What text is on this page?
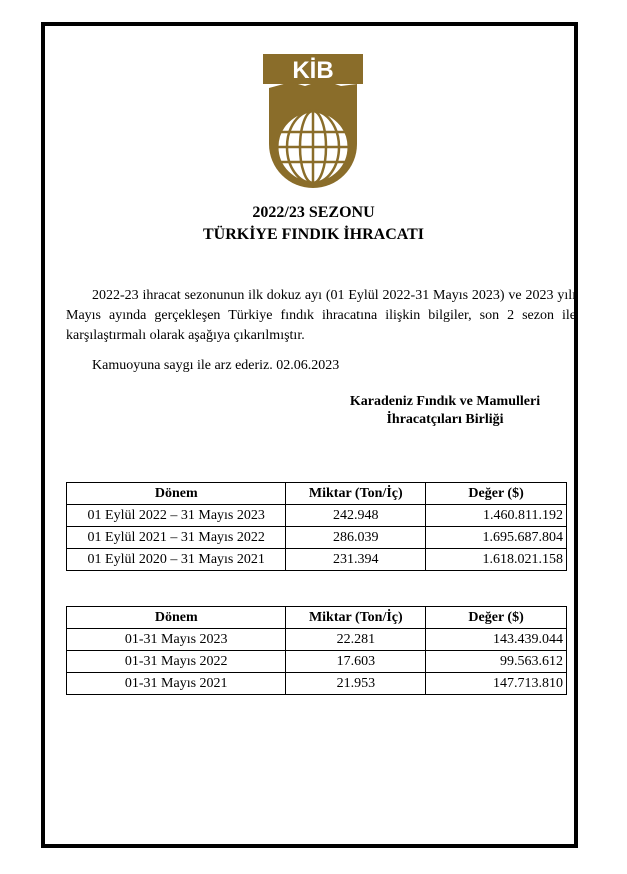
KİB
2022/23 SEZONU
TÜRKİYE FINDIK İHRACATI

2022-23 ihracat sezonunun ilk dokuz ayı (01 Eylül 2022-31 Mayıs 2023) ve 2023 yılı Mayıs ayında gerçekleşen Türkiye fındık ihracatına ilişkin bilgiler, son 2 sezon ile karşılaştırmalı olarak aşağıya çıkarılmıştır.

Kamuoyuna saygı ile arz ederiz. 02.06.2023

Karadeniz Fındık ve Mamulleri
İhracatçıları Birliği
Dönem	Miktar (Ton/İç)	Değer ($)
01 Eylül 2022 – 31 Mayıs 2023	242.948	1.460.811.192
01 Eylül 2021 – 31 Mayıs 2022	286.039	1.695.687.804
01 Eylül 2020 – 31 Mayıs 2021	231.394	1.618.021.158
Dönem	Miktar (Ton/İç)	Değer ($)
01-31 Mayıs 2023	22.281	143.439.044
01-31 Mayıs 2022	17.603	99.563.612
01-31 Mayıs 2021	21.953	147.713.810
